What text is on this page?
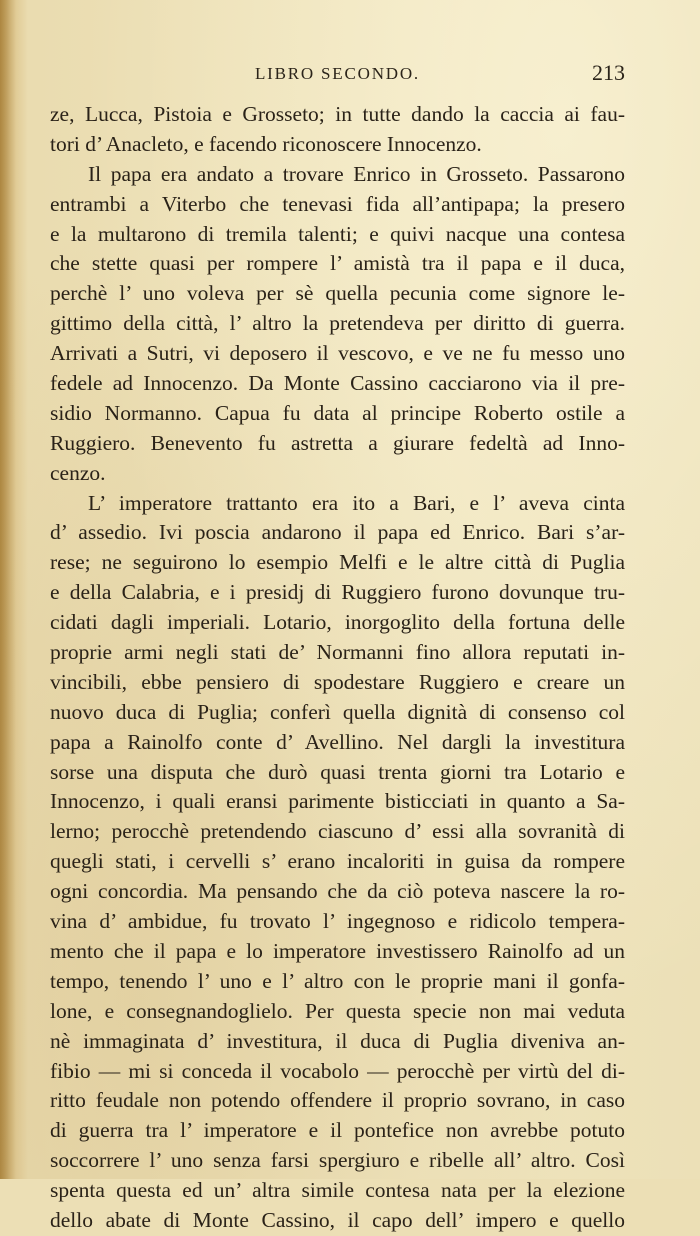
LIBRO SECONDO.	213
ze, Lucca, Pistoia e Grosseto; in tutte dando la caccia ai fau-
tori d’ Anacleto, e facendo riconoscere Innocenzo.
Il papa era andato a trovare Enrico in Grosseto. Passarono
entrambi a Viterbo che tenevasi fida all’antipapa; la presero
e la multarono di tremila talenti; e quivi nacque una contesa
che stette quasi per rompere l’ amistà tra il papa e il duca,
perchè l’ uno voleva per sè quella pecunia come signore le-
gittimo della città, l’ altro la pretendeva per diritto di guerra.
Arrivati a Sutri, vi deposero il vescovo, e ve ne fu messo uno
fedele ad Innocenzo. Da Monte Cassino cacciarono via il pre-
sidio Normanno. Capua fu data al principe Roberto ostile a
Ruggiero. Benevento fu astretta a giurare fedeltà ad Inno-
cenzo.
L’ imperatore trattanto era ito a Bari, e l’ aveva cinta
d’ assedio. Ivi poscia andarono il papa ed Enrico. Bari s’ar-
rese; ne seguirono lo esempio Melfi e le altre città di Puglia
e della Calabria, e i presidj di Ruggiero furono dovunque tru-
cidati dagli imperiali. Lotario, inorgoglito della fortuna delle
proprie armi negli stati de’ Normanni fino allora reputati in-
vincibili, ebbe pensiero di spodestare Ruggiero e creare un
nuovo duca di Puglia; conferì quella dignità di consenso col
papa a Rainolfo conte d’ Avellino. Nel dargli la investitura
sorse una disputa che durò quasi trenta giorni tra Lotario e
Innocenzo, i quali eransi parimente bisticciati in quanto a Sa-
lerno; perocchè pretendendo ciascuno d’ essi alla sovranità di
quegli stati, i cervelli s’ erano incaloriti in guisa da rompere
ogni concordia. Ma pensando che da ciò poteva nascere la ro-
vina d’ ambidue, fu trovato l’ ingegnoso e ridicolo tempera-
mento che il papa e lo imperatore investissero Rainolfo ad un
tempo, tenendo l’ uno e l’ altro con le proprie mani il gonfa-
lone, e consegnandoglielo. Per questa specie non mai veduta
nè immaginata d’ investitura, il duca di Puglia diveniva an-
fibio — mi si conceda il vocabolo — perocchè per virtù del di-
ritto feudale non potendo offendere il proprio sovrano, in caso
di guerra tra l’ imperatore e il pontefice non avrebbe potuto
soccorrere l’ uno senza farsi spergiuro e ribelle all’ altro. Così
spenta questa ed un’ altra simile contesa nata per la elezione
dello abate di Monte Cassino, il capo dell’ impero e quello
